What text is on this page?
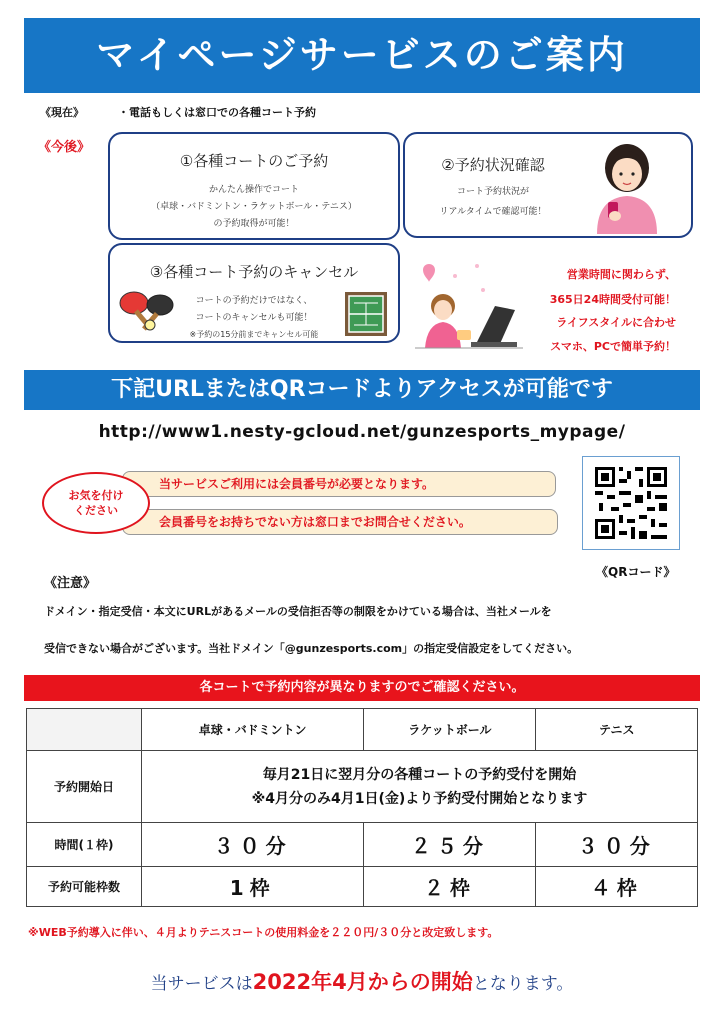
マイページサービスのご案内
《現在》	・電話もしくは窓口での各種コート予約
《今後》
①各種コートのご予約
かんたん操作でコート
（卓球・バドミントン・ラケットボール・テニス）
の予約取得が可能！
②予約状況確認
コート予約状況が
リアルタイムで確認可能！
③各種コート予約のキャンセル
コートの予約だけではなく、
コートのキャンセルも可能！
※予約の15分前までキャンセル可能
営業時間に関わらず、
365日24時間受付可能！
ライフスタイルに合わせ
スマホ、PCで簡単予約！
下記URLまたはQRコードよりアクセスが可能です
http://www1.nesty-gcloud.net/gunzesports_mypage/
お気を付け
ください
当サービスご利用には会員番号が必要となります。
会員番号をお持ちでない方は窓口までお問合せください。
《QRコード》
《注意》
ドメイン・指定受信・本文にURLがあるメールの受信拒否等の制限をかけている場合は、当社メールを
受信できない場合がございます。当社ドメイン「@gunzesports.com」の指定受信設定をしてください。
各コートで予約内容が異なりますのでご確認ください。
	卓球・バドミントン	ラケットボール	テニス
予約開始日	毎月21日に翌月分の各種コートの予約受付を開始
※4月分のみ4月1日(金)より予約受付開始となります		

時間(１枠)	３０分	２５分	３０分
予約可能枠数	1枠	２枠	４枠
※WEB予約導入に伴い、４月よりテニスコートの使用料金を２２０円/３０分と改定致します。
当サービスは2022年4月からの開始となります。
